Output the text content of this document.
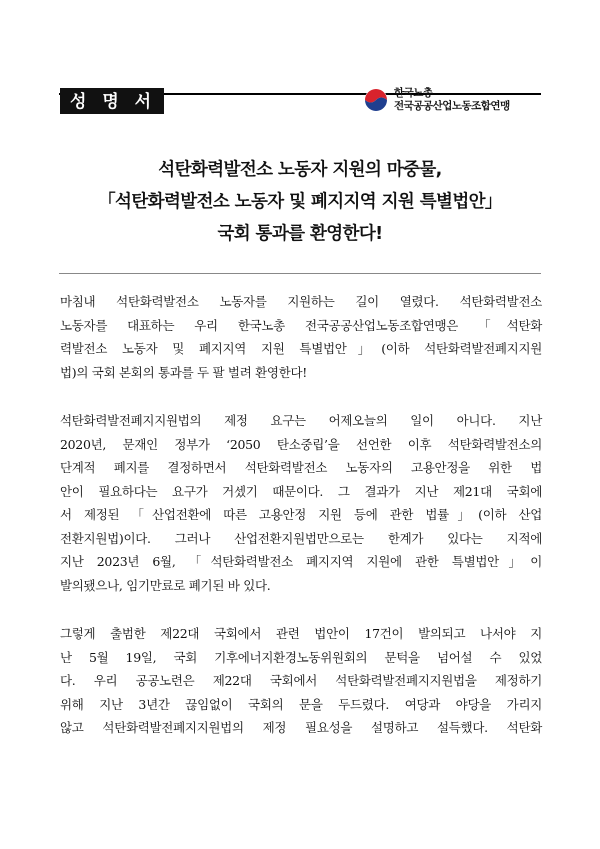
성 명 서	한국노총
전국공공산업노동조합연맹
석탄화력발전소 노동자 지원의 마중물,
「석탄화력발전소 노동자 및 폐지지역 지원 특별법안」
국회 통과를 환영한다!
마침내 석탄화력발전소 노동자를 지원하는 길이 열렸다. 석탄화력발전소
노동자를 대표하는 우리 한국노총 전국공공산업노동조합연맹은 「석탄화
력발전소 노동자 및 폐지지역 지원 특별법안」(이하 석탄화력발전폐지지원
법)의 국회 본회의 통과를 두 팔 벌려 환영한다!
석탄화력발전폐지지원법의 제정 요구는 어제오늘의 일이 아니다. 지난
2020년, 문재인 정부가 ‘2050 탄소중립’을 선언한 이후 석탄화력발전소의
단계적 폐지를 결정하면서 석탄화력발전소 노동자의 고용안정을 위한 법
안이 필요하다는 요구가 거셌기 때문이다. 그 결과가 지난 제21대 국회에
서 제정된 「산업전환에 따른 고용안정 지원 등에 관한 법률」(이하 산업
전환지원법)이다. 그러나 산업전환지원법만으로는 한계가 있다는 지적에
지난 2023년 6월, 「석탄화력발전소 폐지지역 지원에 관한 특별법안」이
발의됐으나, 임기만료로 폐기된 바 있다.
그렇게 출범한 제22대 국회에서 관련 법안이 17건이 발의되고 나서야 지
난 5월 19일, 국회 기후에너지환경노동위원회의 문턱을 넘어설 수 있었
다. 우리 공공노련은 제22대 국회에서 석탄화력발전폐지지원법을 제정하기
위해 지난 3년간 끊임없이 국회의 문을 두드렸다. 여당과 야당을 가리지
않고 석탄화력발전폐지지원법의 제정 필요성을 설명하고 설득했다. 석탄화
